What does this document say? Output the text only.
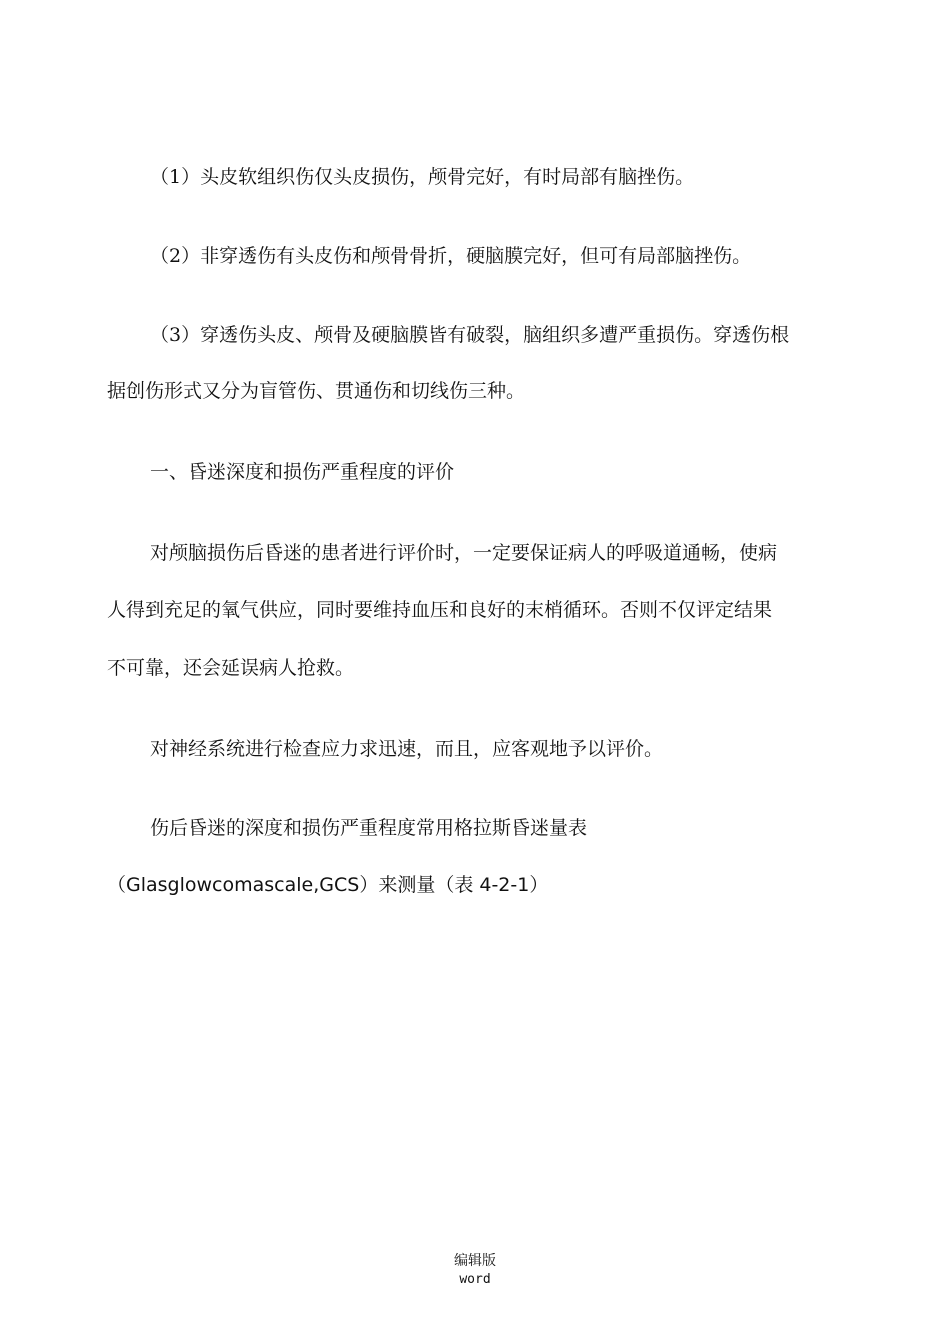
（1）头皮软组织伤仅头皮损伤，颅骨完好，有时局部有脑挫伤。
（2）非穿透伤有头皮伤和颅骨骨折，硬脑膜完好，但可有局部脑挫伤。
（3）穿透伤头皮、颅骨及硬脑膜皆有破裂，脑组织多遭严重损伤。穿透伤根
据创伤形式又分为盲管伤、贯通伤和切线伤三种。
一、昏迷深度和损伤严重程度的评价
对颅脑损伤后昏迷的患者进行评价时，一定要保证病人的呼吸道通畅，使病
人得到充足的氧气供应，同时要维持血压和良好的末梢循环。否则不仅评定结果
不可靠，还会延误病人抢救。
对神经系统进行检查应力求迅速，而且，应客观地予以评价。
伤后昏迷的深度和损伤严重程度常用格拉斯昏迷量表
（Glasglowcomascale,GCS）来测量（表 4-2-1）
编辑版
word
